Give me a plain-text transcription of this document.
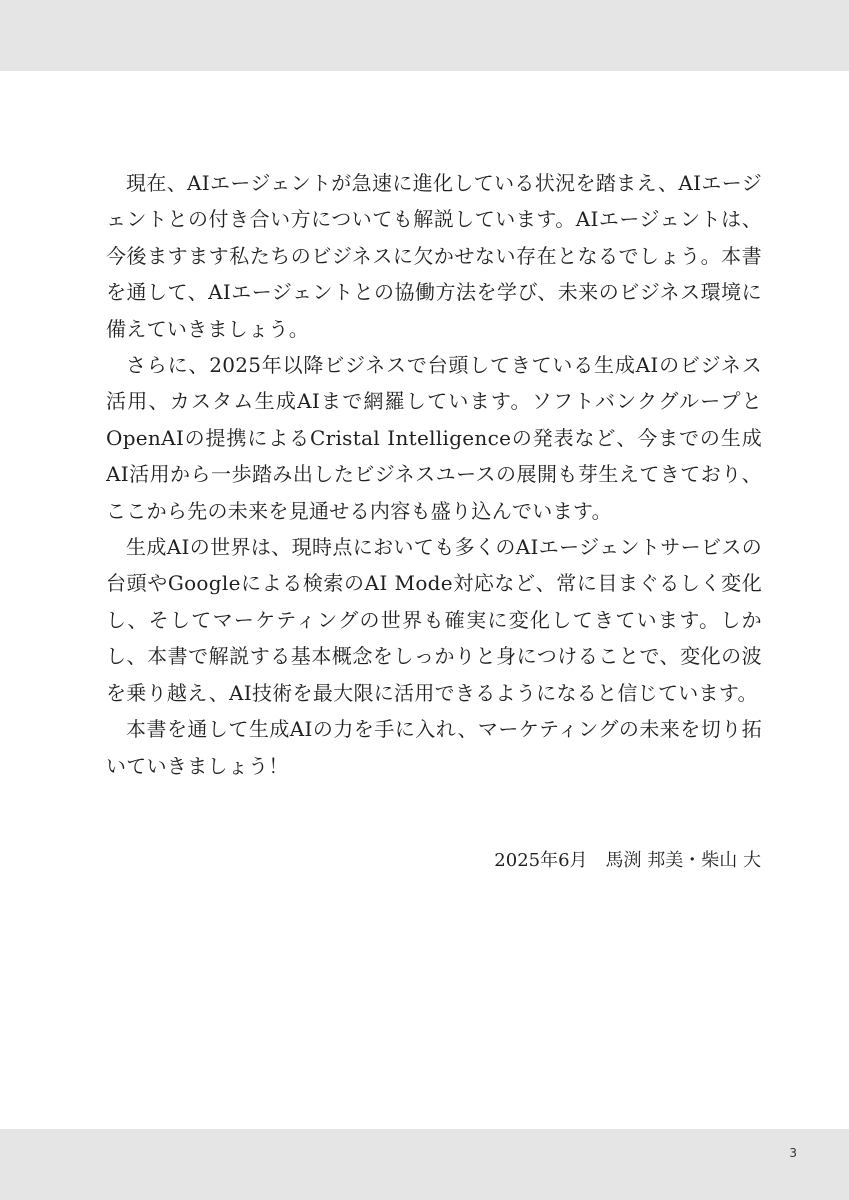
現在、AIエージェントが急速に進化している状況を踏まえ、AIエージェントとの付き合い方についても解説しています。AIエージェントは、今後ますます私たちのビジネスに欠かせない存在となるでしょう。本書を通して、AIエージェントとの協働方法を学び、未来のビジネス環境に備えていきましょう。

さらに、2025年以降ビジネスで台頭してきている生成AIのビジネス活用、カスタム生成AIまで網羅しています。ソフトバンクグループとOpenAIの提携によるCristal Intelligenceの発表など、今までの生成AI活用から一歩踏み出したビジネスユースの展開も芽生えてきており、ここから先の未来を見通せる内容も盛り込んでいます。

生成AIの世界は、現時点においても多くのAIエージェントサービスの台頭やGoogleによる検索のAI Mode対応など、常に目まぐるしく変化し、そしてマーケティングの世界も確実に変化してきています。しかし、本書で解説する基本概念をしっかりと身につけることで、変化の波を乗り越え、AI技術を最大限に活用できるようになると信じています。

本書を通して生成AIの力を手に入れ、マーケティングの未来を切り拓いていきましょう！

2025年6月　馬渕 邦美・柴山 大
3
